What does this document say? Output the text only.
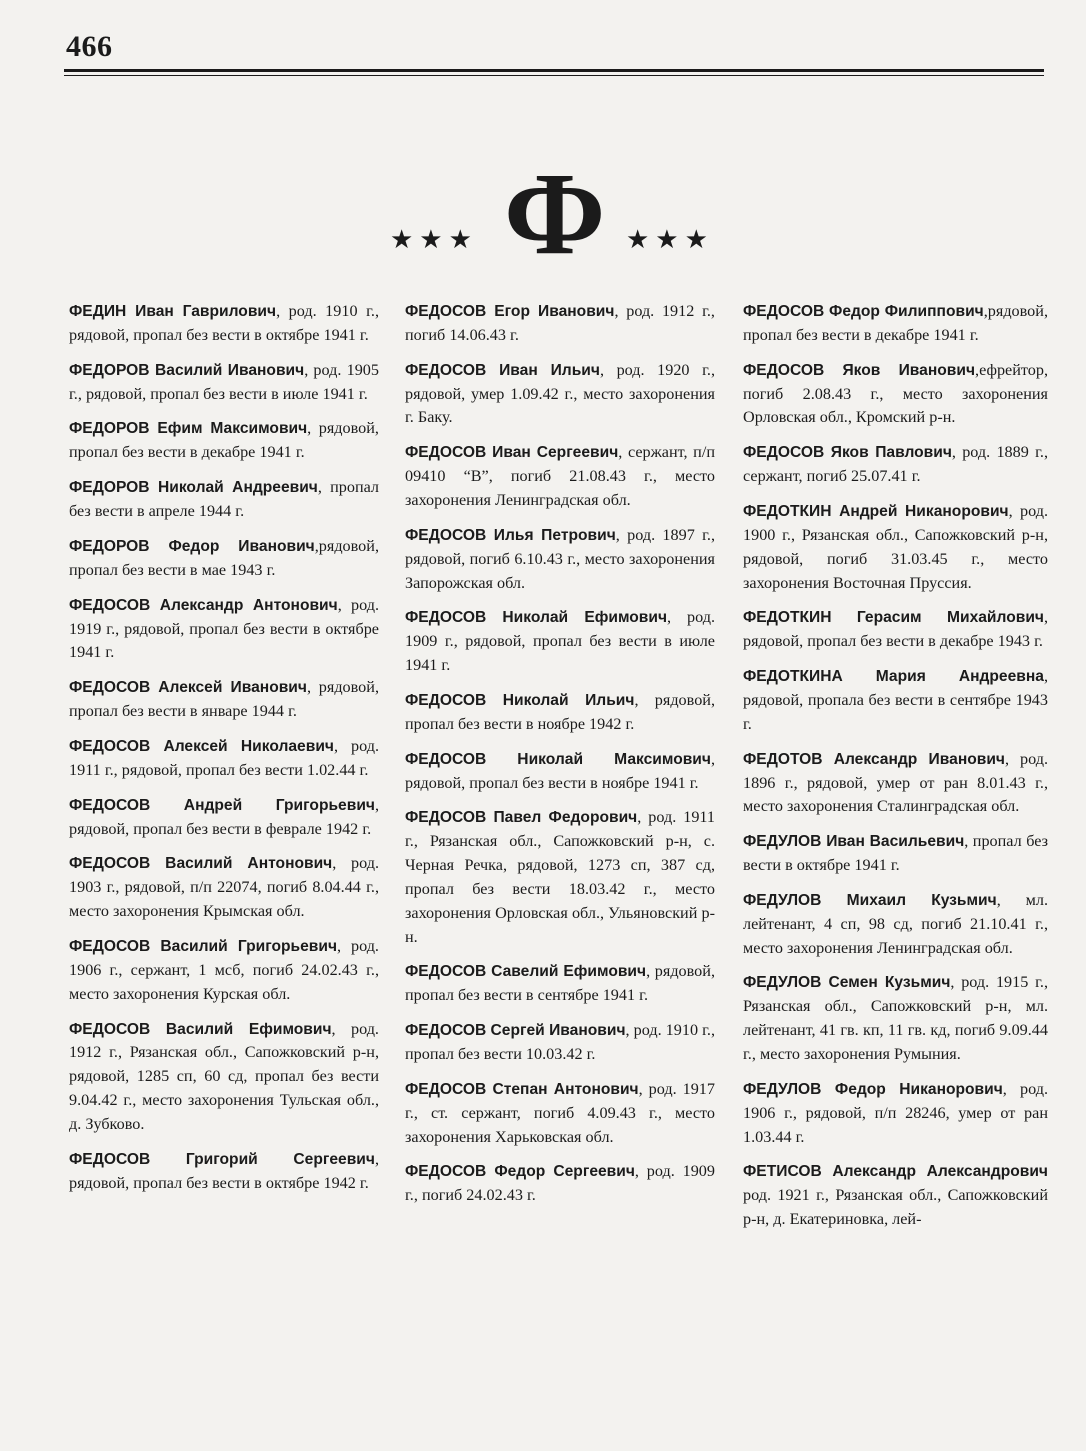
466
★★★ Ф ★★★
ФЕДИН Иван Гаврилович, род. 1910 г., рядовой, пропал без вести в октябре 1941 г.
ФЕДОРОВ Василий Иванович, род. 1905 г., рядовой, пропал без вести в июле 1941 г.
ФЕДОРОВ Ефим Максимович, рядовой, пропал без вести в декабре 1941 г.
ФЕДОРОВ Николай Андреевич, пропал без вести в апреле 1944 г.
ФЕДОРОВ Федор Иванович,рядовой, пропал без вести в мае 1943 г.
ФЕДОСОВ Александр Антонович, род. 1919 г., рядовой, пропал без вести в октябре 1941 г.
ФЕДОСОВ Алексей Иванович, рядовой, пропал без вести в январе 1944 г.
ФЕДОСОВ Алексей Николаевич, род. 1911 г., рядовой, пропал без вести 1.02.44 г.
ФЕДОСОВ Андрей Григорьевич, рядовой, пропал без вести в феврале 1942 г.
ФЕДОСОВ Василий Антонович, род. 1903 г., рядовой, п/п 22074, погиб 8.04.44 г., место захоронения Крымская обл.
ФЕДОСОВ Василий Григорьевич, род. 1906 г., сержант, 1 мсб, погиб 24.02.43 г., место захоронения Курская обл.
ФЕДОСОВ Василий Ефимович, род. 1912 г., Рязанская обл., Сапожковский р-н, рядовой, 1285 сп, 60 сд, пропал без вести 9.04.42 г., место захоронения Тульская обл., д. Зубково.
ФЕДОСОВ Григорий Сергеевич, рядовой, пропал без вести в октябре 1942 г.
ФЕДОСОВ Егор Иванович, род. 1912 г., погиб 14.06.43 г.
ФЕДОСОВ Иван Ильич, род. 1920 г., рядовой, умер 1.09.42 г., место захоронения г. Баку.
ФЕДОСОВ Иван Сергеевич, сержант, п/п 09410 “В”, погиб 21.08.43 г., место захоронения Ленинградская обл.
ФЕДОСОВ Илья Петрович, род. 1897 г., рядовой, погиб 6.10.43 г., место захоронения Запорожская обл.
ФЕДОСОВ Николай Ефимович, род. 1909 г., рядовой, пропал без вести в июле 1941 г.
ФЕДОСОВ Николай Ильич, рядовой, пропал без вести в ноябре 1942 г.
ФЕДОСОВ Николай Максимович, рядовой, пропал без вести в ноябре 1941 г.
ФЕДОСОВ Павел Федорович, род. 1911 г., Рязанская обл., Сапожковский р-н, с. Черная Речка, рядовой, 1273 сп, 387 сд, пропал без вести 18.03.42 г., место захоронения Орловская обл., Ульяновский р-н.
ФЕДОСОВ Савелий Ефимович, рядовой, пропал без вести в сентябре 1941 г.
ФЕДОСОВ Сергей Иванович, род. 1910 г., пропал без вести 10.03.42 г.
ФЕДОСОВ Степан Антонович, род. 1917 г., ст. сержант, погиб 4.09.43 г., место захоронения Харьковская обл.
ФЕДОСОВ Федор Сергеевич, род. 1909 г., погиб 24.02.43 г.
ФЕДОСОВ Федор Филиппович,рядовой, пропал без вести в декабре 1941 г.
ФЕДОСОВ Яков Иванович,ефрейтор, погиб 2.08.43 г., место захоронения Орловская обл., Кромский р-н.
ФЕДОСОВ Яков Павлович, род. 1889 г., сержант, погиб 25.07.41 г.
ФЕДОТКИН Андрей Никанорович, род. 1900 г., Рязанская обл., Сапожковский р-н, рядовой, погиб 31.03.45 г., место захоронения Восточная Пруссия.
ФЕДОТКИН Герасим Михайлович, рядовой, пропал без вести в декабре 1943 г.
ФЕДОТКИНА Мария Андреевна, рядовой, пропала без вести в сентябре 1943 г.
ФЕДОТОВ Александр Иванович, род. 1896 г., рядовой, умер от ран 8.01.43 г., место захоронения Сталинградская обл.
ФЕДУЛОВ Иван Васильевич, пропал без вести в октябре 1941 г.
ФЕДУЛОВ Михаил Кузьмич, мл. лейтенант, 4 сп, 98 сд, погиб 21.10.41 г., место захоронения Ленинградская обл.
ФЕДУЛОВ Семен Кузьмич, род. 1915 г., Рязанская обл., Сапожковский р-н, мл. лейтенант, 41 гв. кп, 11 гв. кд, погиб 9.09.44 г., место захоронения Румыния.
ФЕДУЛОВ Федор Никанорович, род. 1906 г., рядовой, п/п 28246, умер от ран 1.03.44 г.
ФЕТИСОВ Александр Александрович род. 1921 г., Рязанская обл., Сапожковский р-н, д. Екатериновка, лей-
